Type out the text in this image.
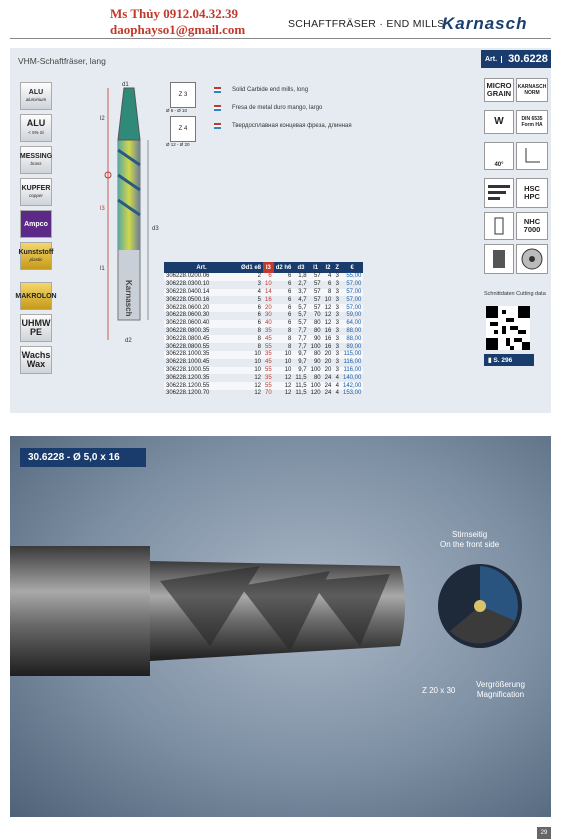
Ms Thủy 0912.04.32.39
daophayso1@gmail.com	SCHAFTFRÄSER · END MILLS
Karnasch
VHM-Schaftfräser, lang	Art.	30.6228
ALU
aluminium
ALU
< 5% Si
MESSING
brass
KUPFER
copper
Ampco
Kunststoff
plastic
MAKROLON
UHMW PE
Wachs Wax
d1
l2
l1
d2
l3
d3
Karnasch
Z 3
Ø 6 - Ø 10
Z 4
Ø 12 - Ø 20
Solid Carbide end mills, long
Fresa de metal duro mango, largo
Твердосплавная концевая фреза, длинная
MICRO GRAIN
KARNASCH NORM
W	DIN 6535 Form HA
40°
HSC HPC
NHC 7000
Art.	Ød1 e8	l3	d2 h6	d3	l1	l2	Z	€
306228.0200.06	2	6	6	1,8	57	4	3	55,00
306228.0300.10	3	10	6	2,7	57	6	3	57,00
306228.0400.14	4	14	6	3,7	57	8	3	57,00
306228.0500.16	5	16	6	4,7	57	10	3	57,00
306228.0600.20	6	20	6	5,7	57	12	3	57,00
306228.0600.30	6	30	6	5,7	70	12	3	59,00
306228.0600.40	6	40	6	5,7	80	12	3	64,00
306228.0800.35	8	35	8	7,7	80	16	3	88,00
306228.0800.45	8	45	8	7,7	90	16	3	88,00
306228.0800.55	8	55	8	7,7	100	16	3	89,00
306228.1000.35	10	35	10	9,7	80	20	3	115,00
306228.1000.45	10	45	10	9,7	90	20	3	116,00
306228.1000.55	10	55	10	9,7	100	20	3	116,00
306228.1200.35	12	35	12	11,5	80	24	4	140,00
306228.1200.55	12	55	12	11,5	100	24	4	142,00
306228.1200.70	12	70	12	11,5	120	24	4	153,00
Schnittdaten Cutting data
▮ S. 296
30.6228 - Ø 5,0 x 16
Stirnseitig
On the front side
Z 20 x 30
Vergrößerung
Magnification
29
